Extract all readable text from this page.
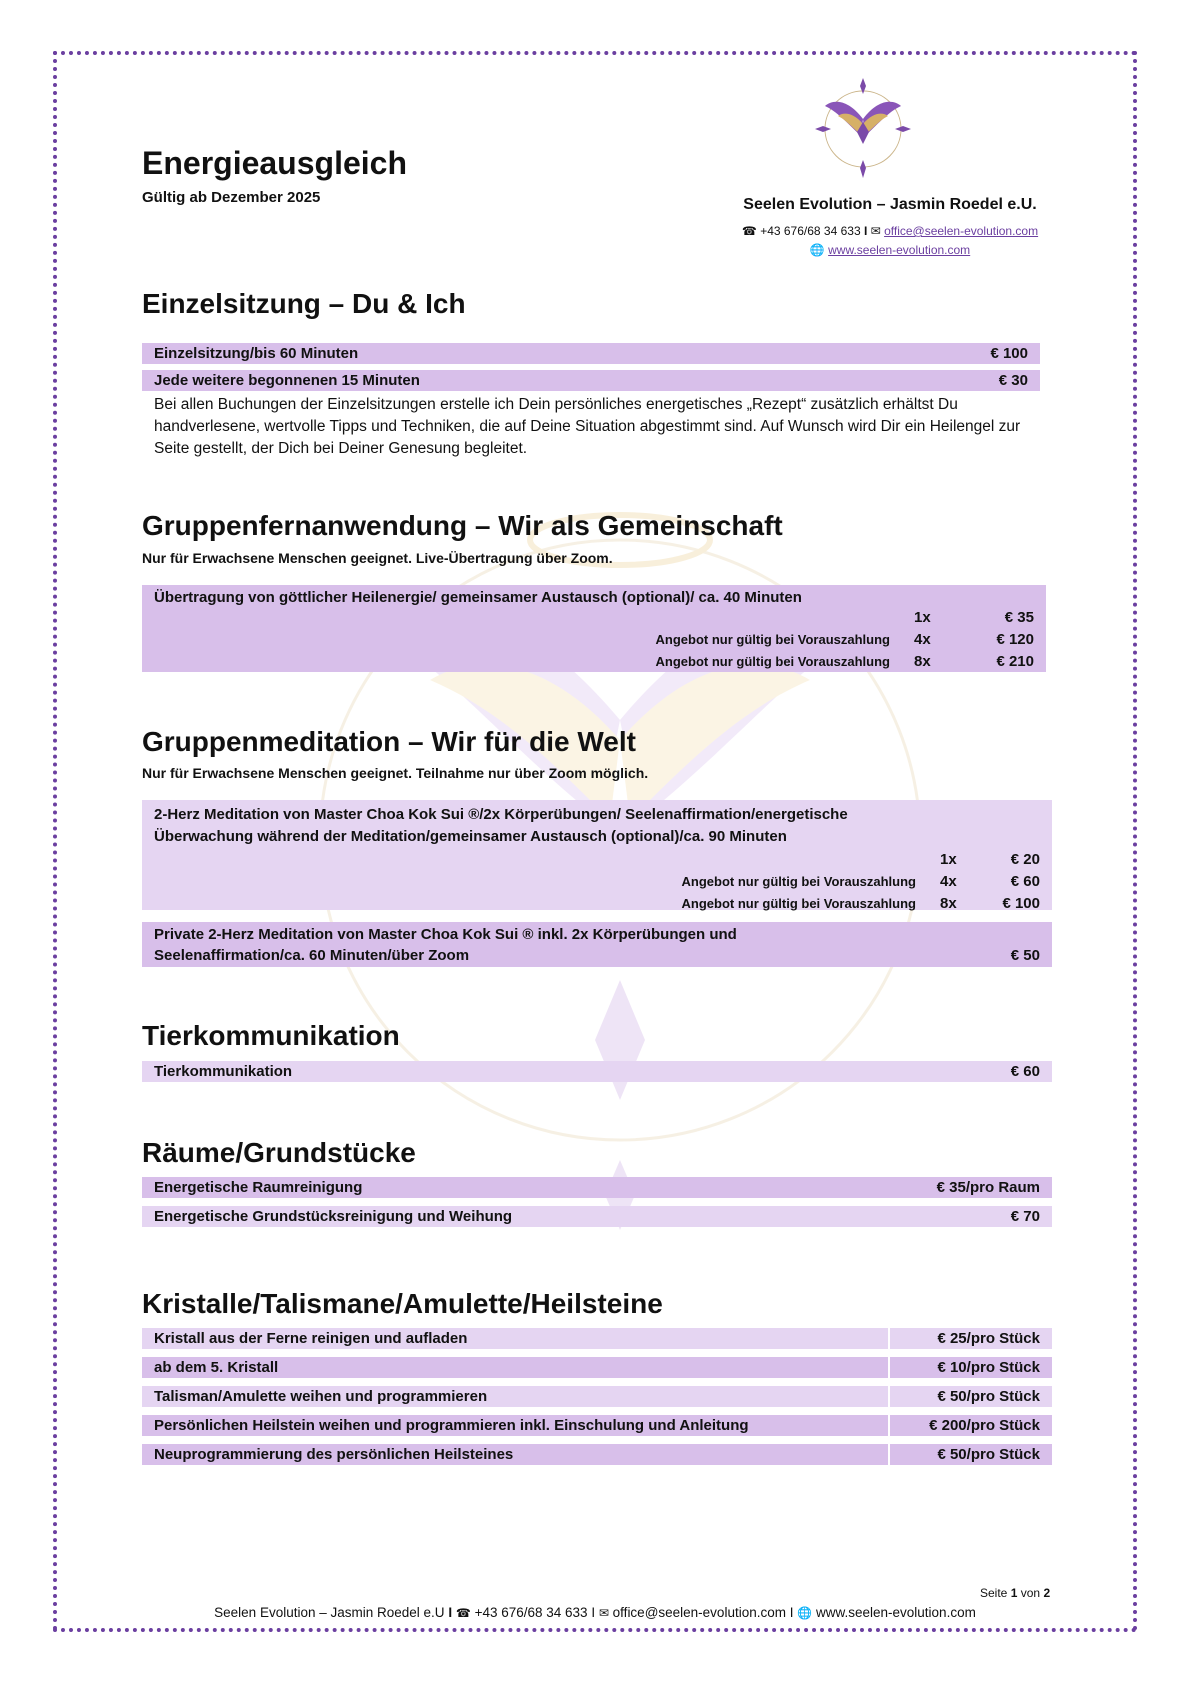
Energieausgleich
Gültig ab Dezember 2025	Seelen Evolution – Jasmin Roedel e.U.
☎ +43 676/68 34 633 I ✉ office@seelen-evolution.com
🌐 www.seelen-evolution.com
Einzelsitzung – Du & Ich
Einzelsitzung/bis 60 Minuten	€ 100
Jede weitere begonnenen 15 Minuten	€ 30
Bei allen Buchungen der Einzelsitzungen erstelle ich Dein persönliches energetisches „Rezept“ zusätzlich erhältst Du handverlesene, wertvolle Tipps und Techniken, die auf Deine Situation abgestimmt sind. Auf Wunsch wird Dir ein Heilengel zur Seite gestellt, der Dich bei Deiner Genesung begleitet.
Gruppenfernanwendung – Wir als Gemeinschaft
Nur für Erwachsene Menschen geeignet. Live-Übertragung über Zoom.
Übertragung von göttlicher Heilenergie/ gemeinsamer Austausch (optional)/ ca. 40 Minuten
1x	€ 35
Angebot nur gültig bei Vorauszahlung 4x	€ 120
Angebot nur gültig bei Vorauszahlung 8x	€ 210
Gruppenmeditation – Wir für die Welt
Nur für Erwachsene Menschen geeignet. Teilnahme nur über Zoom möglich.
2-Herz Meditation von Master Choa Kok Sui ®/2x Körperübungen/ Seelenaffirmation/energetische
Überwachung während der Meditation/gemeinsamer Austausch (optional)/ca. 90 Minuten
1x	€ 20
Angebot nur gültig bei Vorauszahlung 4x	€ 60
Angebot nur gültig bei Vorauszahlung 8x	€ 100
Private 2-Herz Meditation von Master Choa Kok Sui ® inkl. 2x Körperübungen und
Seelenaffirmation/ca. 60 Minuten/über Zoom	€ 50
Tierkommunikation
Tierkommunikation	€ 60
Räume/Grundstücke
Energetische Raumreinigung	€ 35/pro Raum
Energetische Grundstücksreinigung und Weihung	€ 70
Kristalle/Talismane/Amulette/Heilsteine
Kristall aus der Ferne reinigen und aufladen	€ 25/pro Stück
ab dem 5. Kristall	€ 10/pro Stück
Talisman/Amulette weihen und programmieren	€ 50/pro Stück
Persönlichen Heilstein weihen und programmieren inkl. Einschulung und Anleitung	€ 200/pro Stück
Neuprogrammierung des persönlichen Heilsteines	€ 50/pro Stück
Seite 1 von 2
Seelen Evolution – Jasmin Roedel e.U I ☎ +43 676/68 34 633 I ✉ office@seelen-evolution.com I 🌐 www.seelen-evolution.com
